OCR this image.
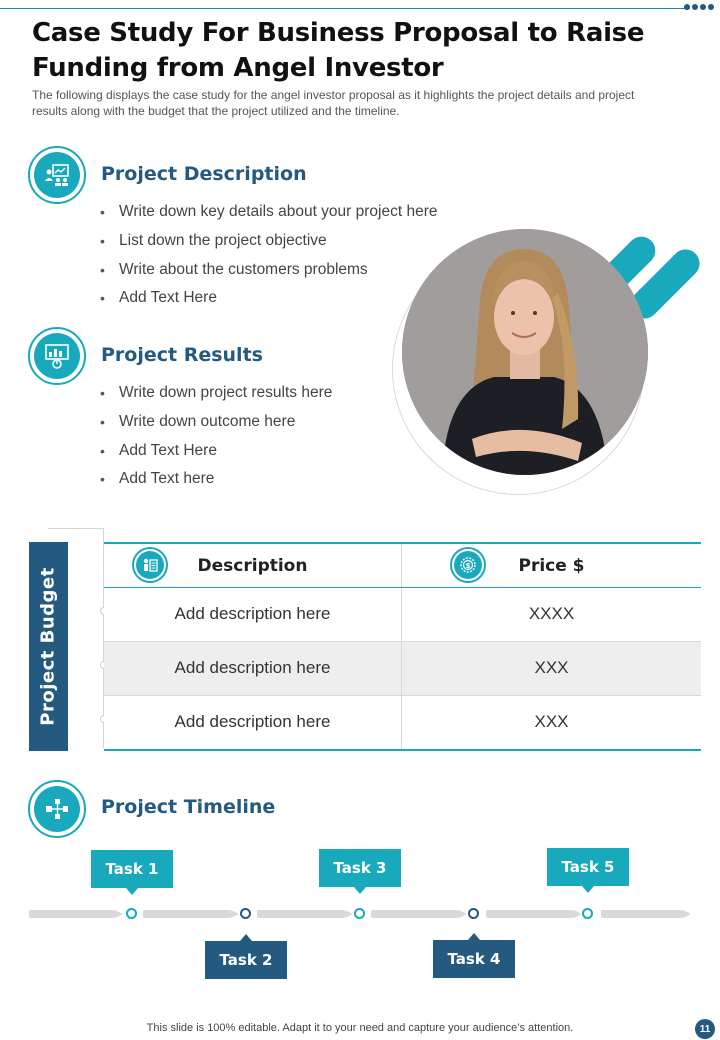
Case Study For Business Proposal to Raise Funding from Angel Investor

The following displays the case study for the angel investor proposal as it highlights the project details and project results along with the budget that the project utilized and the timeline.

Project Description
• Write down key details about your project here
• List down the project objective
• Write about the customers problems
• Add Text Here
Project Results
• Write down project results here
• Write down outcome here
• Add Text Here
• Add Text here
Project Budget
Description	$	Price $
Add description here	XXXX
Add description here	XXX
Add description here	XXX
Project Timeline
Task 1
Task 2
Task 3
Task 4
Task 5
This slide is 100% editable. Adapt it to your need and capture your audience’s attention.	11
